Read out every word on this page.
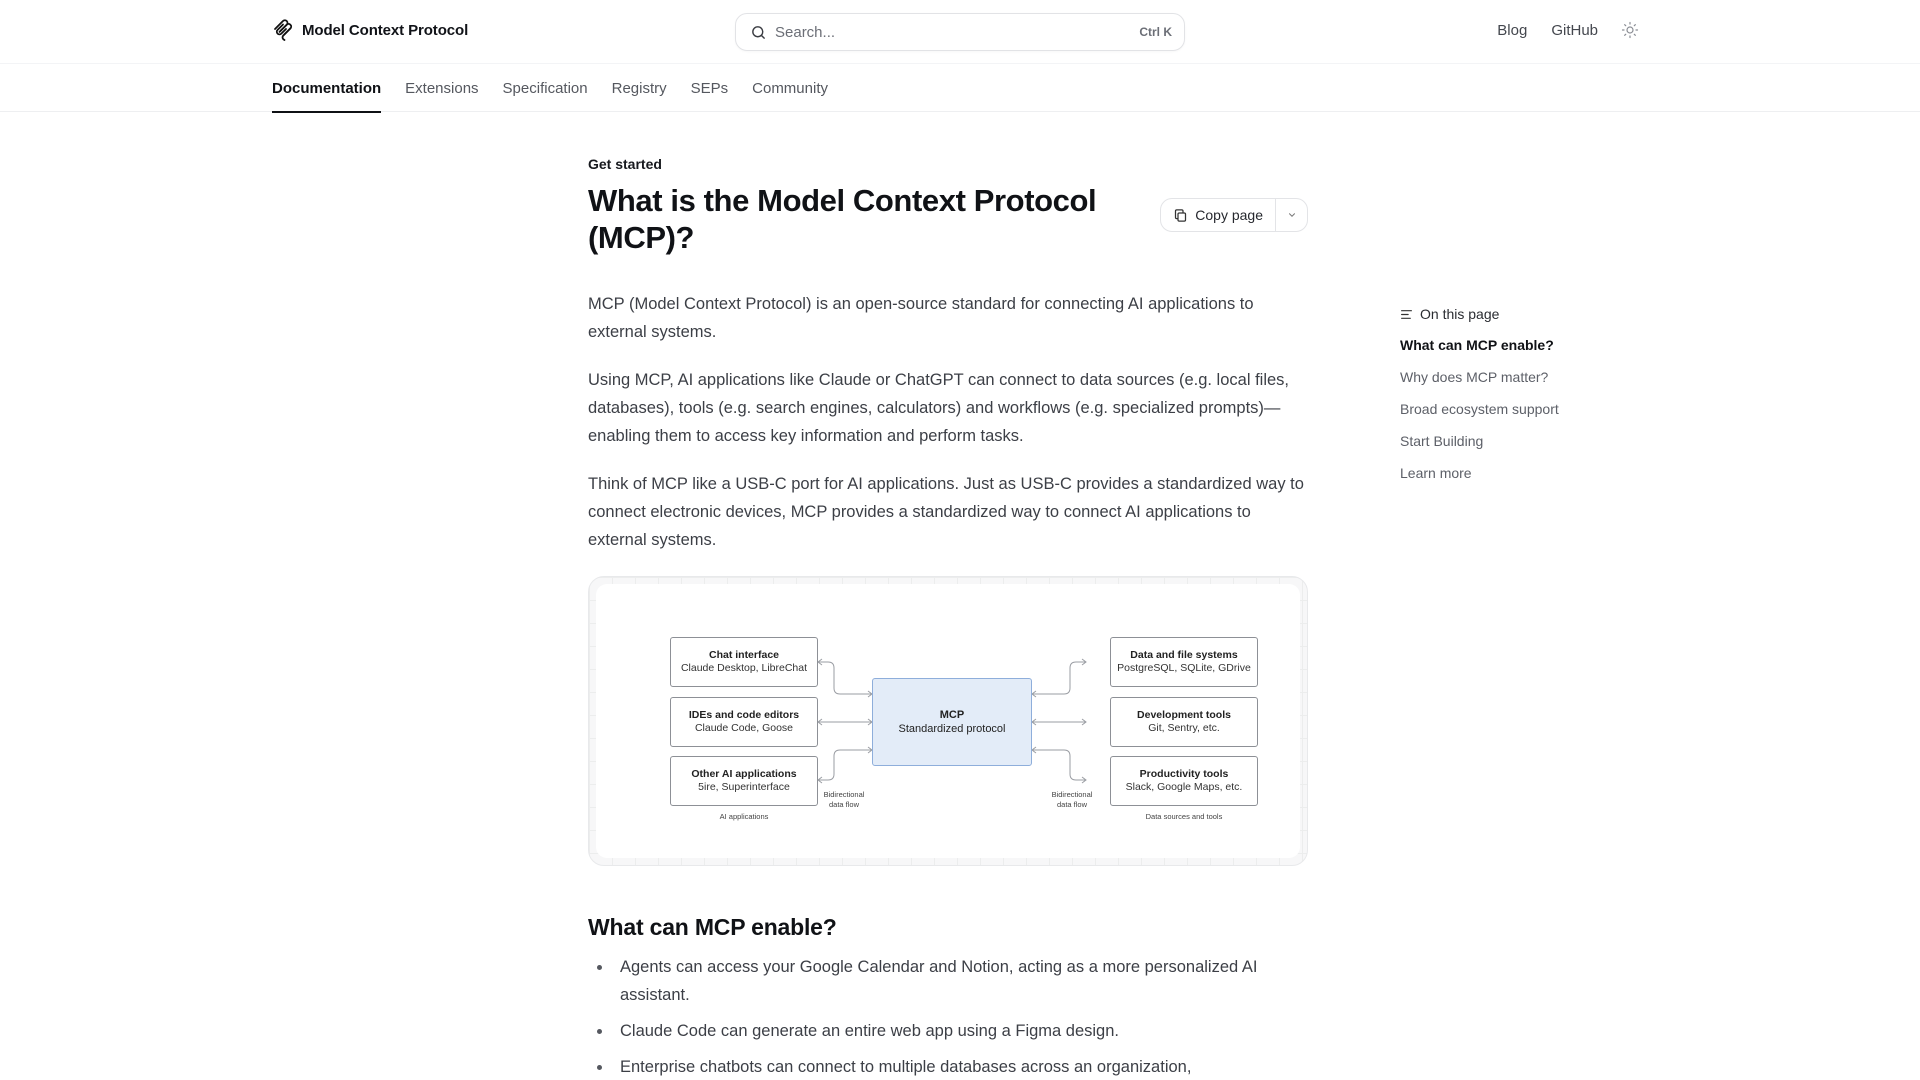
Model Context Protocol
Search...	Ctrl K	Blog GitHub
Documentation Extensions Specification Registry SEPs Community
Get started
What is the Model Context Protocol (MCP)?
Copy page

MCP (Model Context Protocol) is an open-source standard for connecting AI applications to external systems.

Using MCP, AI applications like Claude or ChatGPT can connect to data sources (e.g. local files, databases), tools (e.g. search engines, calculators) and workflows (e.g. specialized prompts)—enabling them to access key information and perform tasks.

Think of MCP like a USB-C port for AI applications. Just as USB-C provides a standardized way to connect electronic devices, MCP provides a standardized way to connect AI applications to external systems.

Chat interface
Claude Desktop, LibreChat
IDEs and code editors
Claude Code, Goose
Other AI applications
5ire, Superinterface
AI applications
MCP
Standardized protocol
Bidirectional
data flow
Bidirectional
data flow
Data and file systems
PostgreSQL, SQLite, GDrive
Development tools
Git, Sentry, etc.
Productivity tools
Slack, Google Maps, etc.
Data sources and tools
What can MCP enable?
Agents can access your Google Calendar and Notion, acting as a more personalized AI assistant.
Claude Code can generate an entire web app using a Figma design.
Enterprise chatbots can connect to multiple databases across an organization,
On this page
What can MCP enable?
Why does MCP matter?
Broad ecosystem support
Start Building
Learn more
